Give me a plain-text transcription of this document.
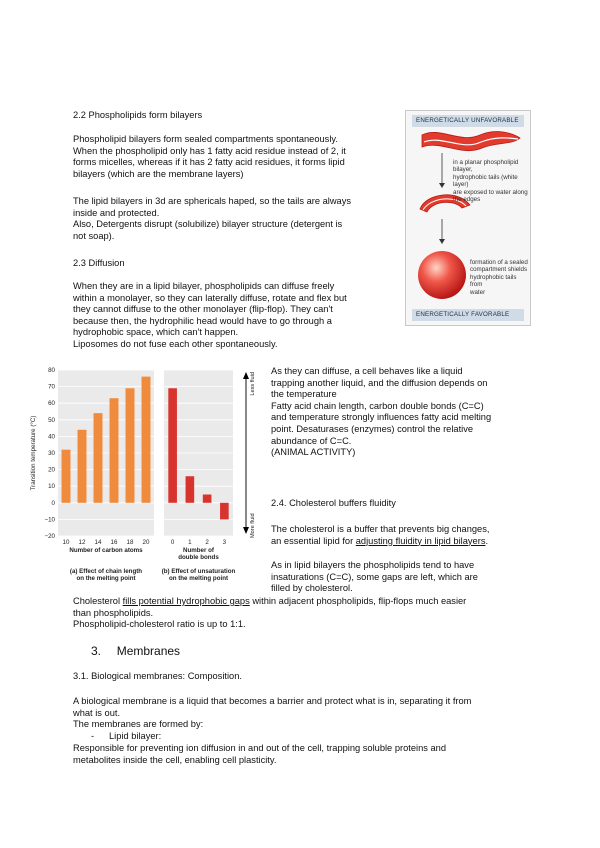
2.2 Phospholipids form bilayers

Phospholipid bilayers form sealed compartments spontaneously.

When the phospholipid only has 1 fatty acid residue instead of 2, it

forms micelles, whereas if it has 2 fatty acid residues, it forms lipid

bilayers (which are the membrane layers)

The lipid bilayers in 3d are sphericals haped, so the tails are always

inside and protected.

Also, Detergents disrupt (solubilize) bilayer structure (detergent is

not soap).

ENERGETICALLY UNFAVORABLE

in a planar phospholipid bilayer,

hydrophobic tails (white layer)

are exposed to water along

the edges

formation of a sealed

compartment shields

hydrophobic tails from

water

ENERGETICALLY FAVORABLE

2.3 Diffusion

When they are in a lipid bilayer, phospholipids can diffuse freely

within a monolayer, so they can laterally diffuse, rotate and flex but

they cannot diffuse to the other monolayer (flip-flop). They can't

because then, the hydrophilic head would have to go through a

hydrophobic space, which can't happen.

Liposomes do not fuse each other spontaneously.

80
70
60
50
40
30
20
10
0
−10
−20
10 12 14 16 18 20
Number of carbon atoms
(a) Effect of chain length
on the melting point
Transition temperature (°C)
0 1 2 3
Number of
double bonds
(b) Effect of unsaturation
on the melting point
Less fluid
More fluid

As they can diffuse, a cell behaves like a liquid

trapping another liquid, and the diffusion depends on

the temperature

Fatty acid chain length, carbon double bonds (C=C)

and temperature strongly influences fatty acid melting

point. Desaturases (enzymes) control the relative

abundance of C=C.

(ANIMAL ACTIVITY)

2.4. Cholesterol buffers fluidity

The cholesterol is a buffer that prevents big changes,

an essential lipid for adjusting fluidity in lipid bilayers.

As in lipid bilayers the phospholipids tend to have

insaturations (C=C), some gaps are left, which are

filled by cholesterol.

Cholesterol fills potential hydrophobic gaps within adjacent phospholipids, flip-flops much easier

than phospholipids.

Phospholipid-cholesterol ratio is up to 1:1.

3. Membranes

3.1. Biological membranes: Composition.

A biological membrane is a liquid that becomes a barrier and protect what is in, separating it from

what is out.

The membranes are formed by:

- Lipid bilayer:

Responsible for preventing ion diffusion in and out of the cell, trapping soluble proteins and

metabolites inside the cell, enabling cell plasticity.
